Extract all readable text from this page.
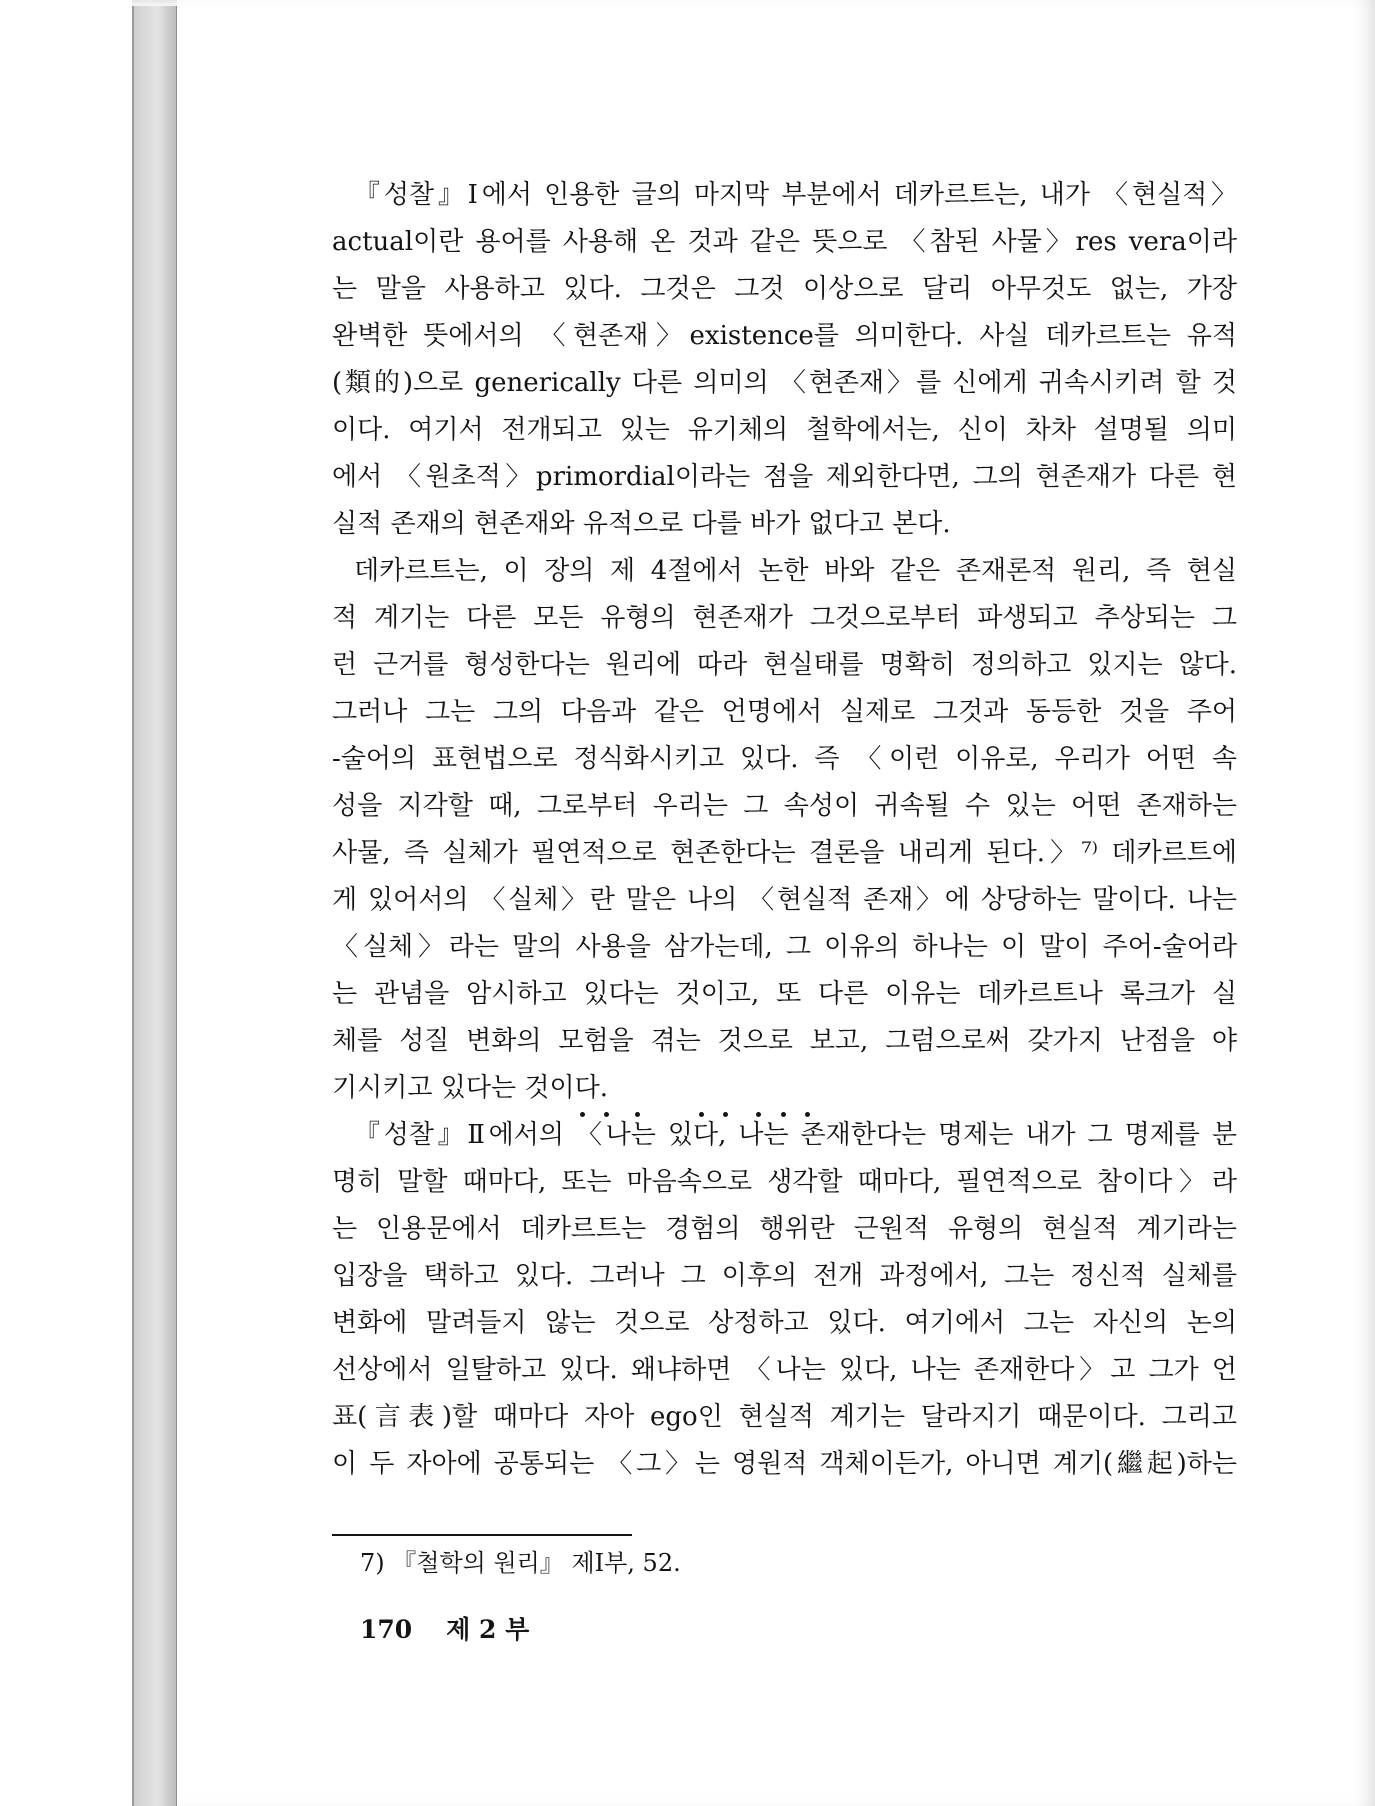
『성찰』Ⅰ에서 인용한 글의 마지막 부분에서 데카르트는, 내가 〈현실적〉
actual이란 용어를 사용해 온 것과 같은 뜻으로 〈참된 사물〉res vera이라
는 말을 사용하고 있다. 그것은 그것 이상으로 달리 아무것도 없는, 가장
완벽한 뜻에서의 〈현존재〉existence를 의미한다. 사실 데카르트는 유적
(類的)으로 generically 다른 의미의 〈현존재〉를 신에게 귀속시키려 할 것
이다. 여기서 전개되고 있는 유기체의 철학에서는, 신이 차차 설명될 의미
에서 〈원초적〉primordial이라는 점을 제외한다면, 그의 현존재가 다른 현
실적 존재의 현존재와 유적으로 다를 바가 없다고 본다.
데카르트는, 이 장의 제 4절에서 논한 바와 같은 존재론적 원리, 즉 현실
적 계기는 다른 모든 유형의 현존재가 그것으로부터 파생되고 추상되는 그
런 근거를 형성한다는 원리에 따라 현실태를 명확히 정의하고 있지는 않다.
그러나 그는 그의 다음과 같은 언명에서 실제로 그것과 동등한 것을 주어
-술어의 표현법으로 정식화시키고 있다. 즉 〈이런 이유로, 우리가 어떤 속
성을 지각할 때, 그로부터 우리는 그 속성이 귀속될 수 있는 어떤 존재하는
사물, 즉 실체가 필연적으로 현존한다는 결론을 내리게 된다.〉⁷⁾ 데카르트에
게 있어서의 〈실체〉란 말은 나의 〈현실적 존재〉에 상당하는 말이다. 나는
〈실체〉라는 말의 사용을 삼가는데, 그 이유의 하나는 이 말이 주어-술어라
는 관념을 암시하고 있다는 것이고, 또 다른 이유는 데카르트나 록크가 실
체를 성질 변화의 모험을 겪는 것으로 보고, 그럼으로써 갖가지 난점을 야
기시키고 있다는 것이다.
『성찰』Ⅱ에서의 〈나는 있다, 나는 존재한다는 명제는 내가 그 명제를 분
명히 말할 때마다, 또는 마음속으로 생각할 때마다, 필연적으로 참이다〉라
는 인용문에서 데카르트는 경험의 행위란 근원적 유형의 현실적 계기라는
입장을 택하고 있다. 그러나 그 이후의 전개 과정에서, 그는 정신적 실체를
변화에 말려들지 않는 것으로 상정하고 있다. 여기에서 그는 자신의 논의
선상에서 일탈하고 있다. 왜냐하면 〈나는 있다, 나는 존재한다〉고 그가 언
표(言表)할 때마다 자아 ego인 현실적 계기는 달라지기 때문이다. 그리고
이 두 자아에 공통되는 〈그〉는 영원적 객체이든가, 아니면 계기(繼起)하는
7) 『철학의 원리』 제Ⅰ부, 52.
170 제 2 부
